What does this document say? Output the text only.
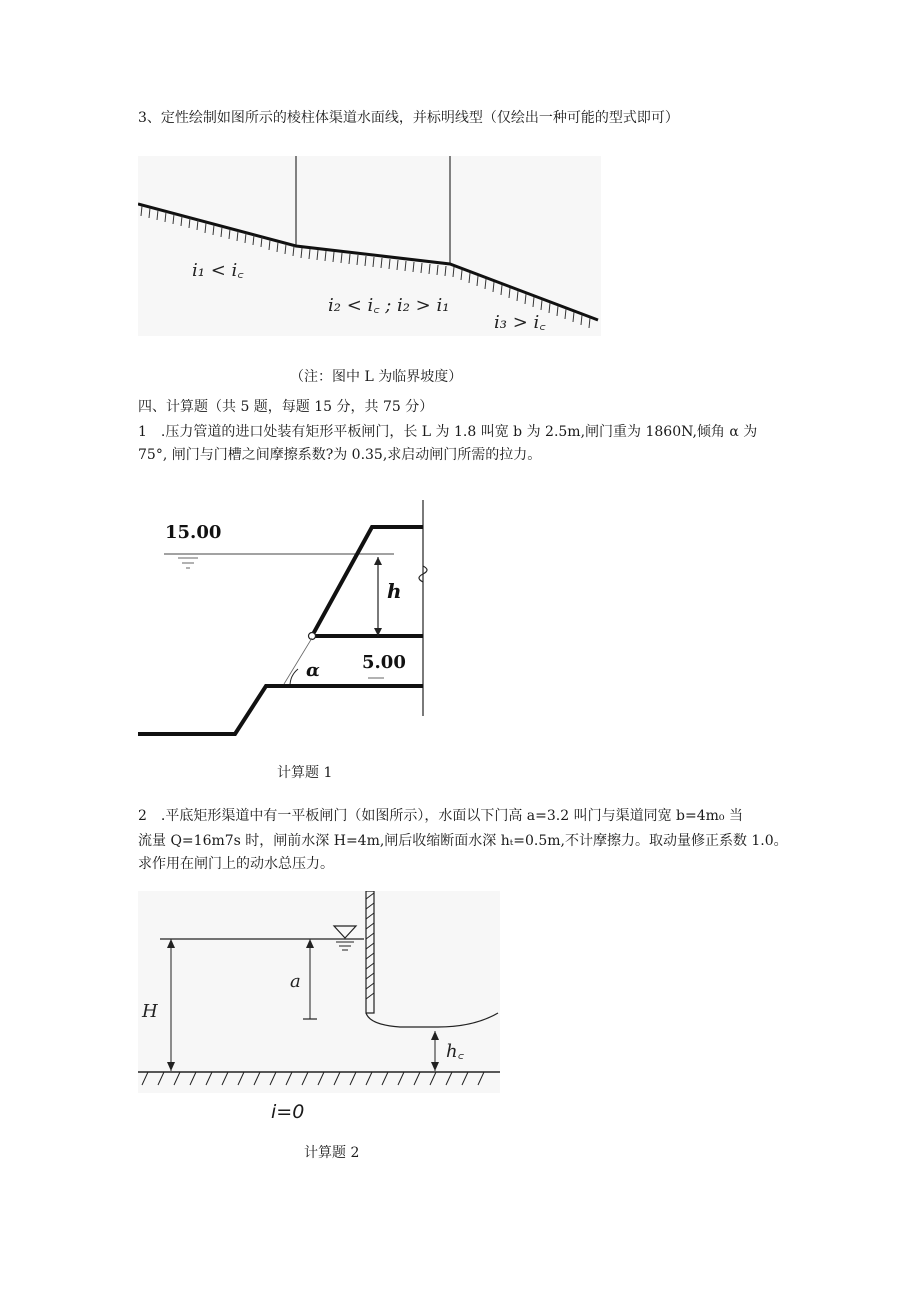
3、定性绘制如图所示的棱柱体渠道水面线，并标明线型（仅绘出一种可能的型式即可）
i₁ < i꜀
i₂ < i꜀ ; i₂ > i₁
i₃ > i꜀
（注：图中 L 为临界坡度）
四、计算题（共 5 题，每题 15 分，共 75 分）
1　.压力管道的进口处装有矩形平板闸门，长 L 为 1.8 叫宽 b 为 2.5m,闸门重为 1860N,倾角 α 为
75°, 闸门与门槽之间摩擦系数?为 0.35,求启动闸门所需的拉力。
15.00
h
α 5.00
计算题 1
2　.平底矩形渠道中有一平板闸门（如图所示），水面以下门高 a=3.2 叫门与渠道同宽 b=4m₀ 当
流量 Q=16m7s 时，闸前水深 H=4m,闸后收缩断面水深 hₜ=0.5m,不计摩擦力。取动量修正系数 1.0。
求作用在闸门上的动水总压力。
H
a
h꜀
i=0
计算题 2
